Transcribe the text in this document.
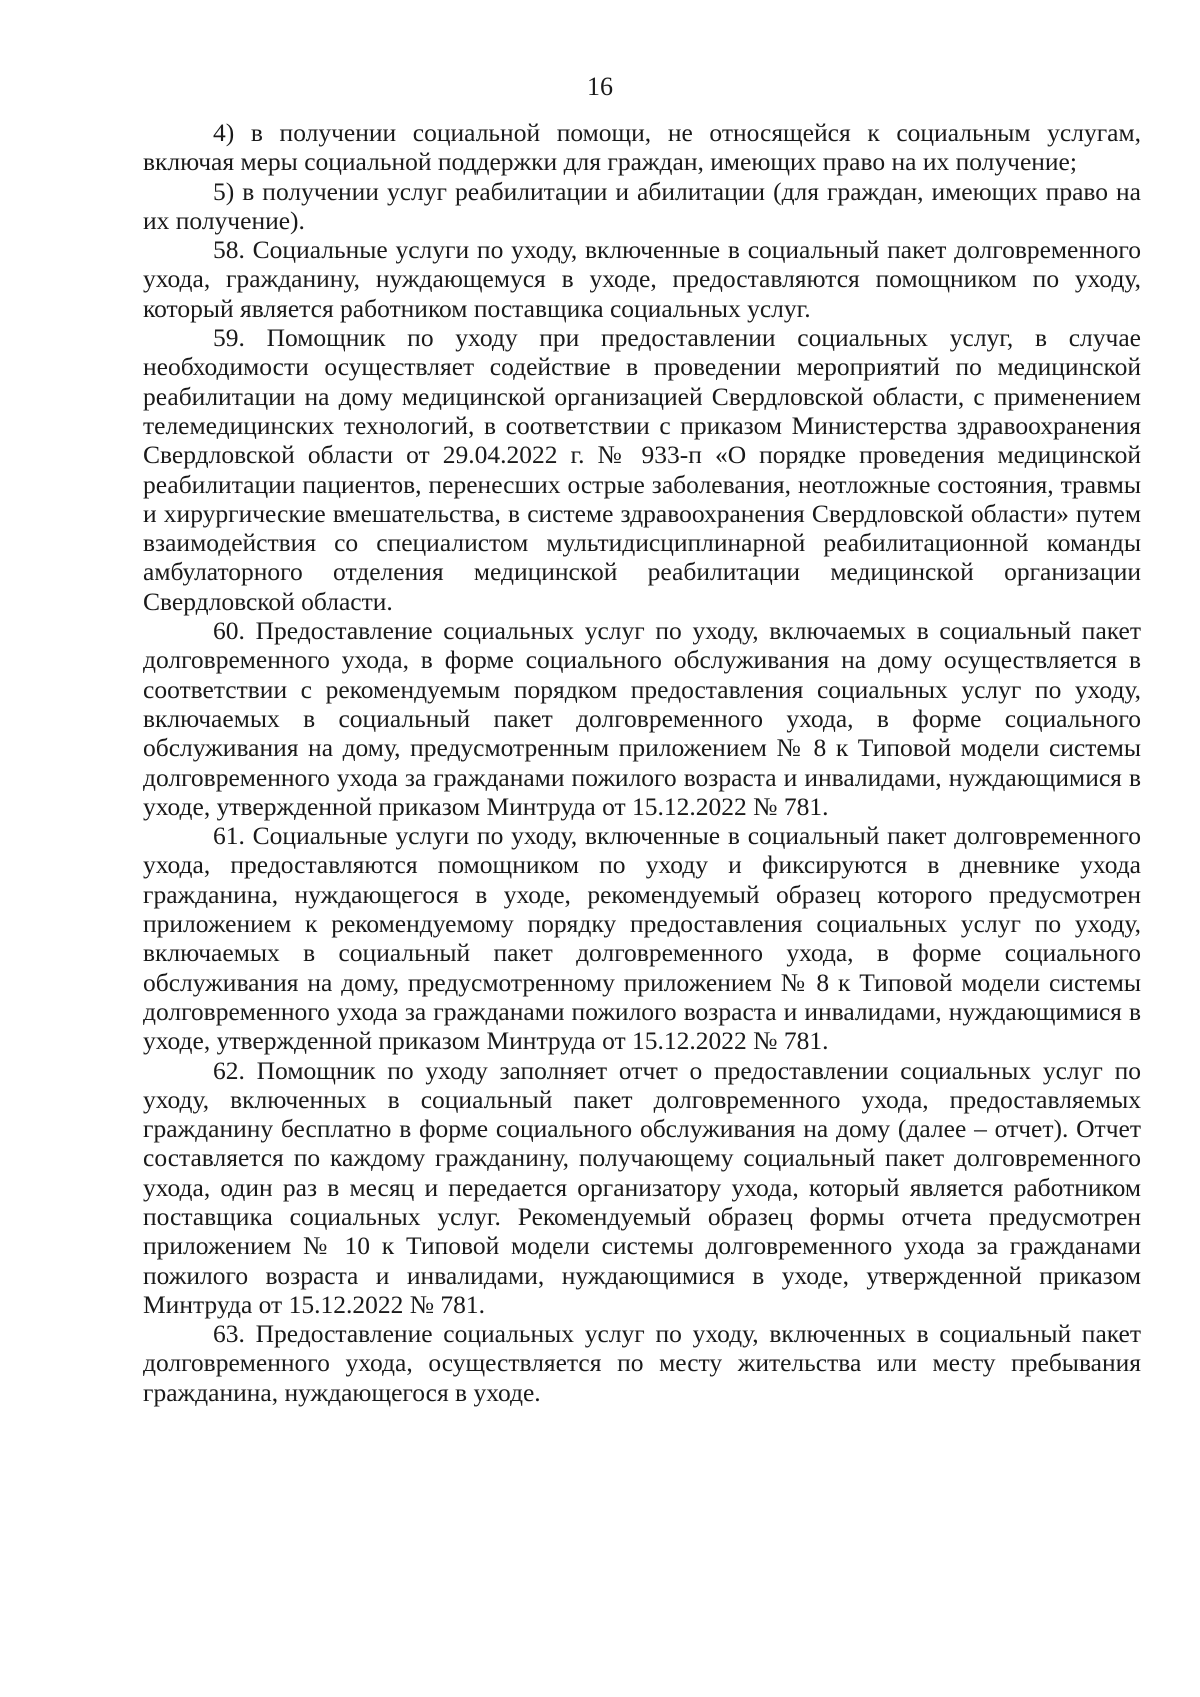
16

4) в получении социальной помощи, не относящейся к социальным услугам, включая меры социальной поддержки для граждан, имеющих право на их получение;

5) в получении услуг реабилитации и абилитации (для граждан, имеющих право на их получение).

58. Социальные услуги по уходу, включенные в социальный пакет долговременного ухода, гражданину, нуждающемуся в уходе, предоставляются помощником по уходу, который является работником поставщика социальных услуг.

59. Помощник по уходу при предоставлении социальных услуг, в случае необходимости осуществляет содействие в проведении мероприятий по медицинской реабилитации на дому медицинской организацией Свердловской области, с применением телемедицинских технологий, в соответствии с приказом Министерства здравоохранения Свердловской области от 29.04.2022 г. № 933-п «О порядке проведения медицинской реабилитации пациентов, перенесших острые заболевания, неотложные состояния, травмы и хирургические вмешательства, в системе здравоохранения Свердловской области» путем взаимодействия со специалистом мультидисциплинарной реабилитационной команды амбулаторного отделения медицинской реабилитации медицинской организации Свердловской области.

60. Предоставление социальных услуг по уходу, включаемых в социальный пакет долговременного ухода, в форме социального обслуживания на дому осуществляется в соответствии с рекомендуемым порядком предоставления социальных услуг по уходу, включаемых в социальный пакет долговременного ухода, в форме социального обслуживания на дому, предусмотренным приложением № 8 к Типовой модели системы долговременного ухода за гражданами пожилого возраста и инвалидами, нуждающимися в уходе, утвержденной приказом Минтруда от 15.12.2022 № 781.

61. Социальные услуги по уходу, включенные в социальный пакет долговременного ухода, предоставляются помощником по уходу и фиксируются в дневнике ухода гражданина, нуждающегося в уходе, рекомендуемый образец которого предусмотрен приложением к рекомендуемому порядку предоставления социальных услуг по уходу, включаемых в социальный пакет долговременного ухода, в форме социального обслуживания на дому, предусмотренному приложением № 8 к Типовой модели системы долговременного ухода за гражданами пожилого возраста и инвалидами, нуждающимися в уходе, утвержденной приказом Минтруда от 15.12.2022 № 781.

62. Помощник по уходу заполняет отчет о предоставлении социальных услуг по уходу, включенных в социальный пакет долговременного ухода, предоставляемых гражданину бесплатно в форме социального обслуживания на дому (далее – отчет). Отчет составляется по каждому гражданину, получающему социальный пакет долговременного ухода, один раз в месяц и передается организатору ухода, который является работником поставщика социальных услуг. Рекомендуемый образец формы отчета предусмотрен приложением № 10 к Типовой модели системы долговременного ухода за гражданами пожилого возраста и инвалидами, нуждающимися в уходе, утвержденной приказом Минтруда от 15.12.2022 № 781.

63. Предоставление социальных услуг по уходу, включенных в социальный пакет долговременного ухода, осуществляется по месту жительства или месту пребывания гражданина, нуждающегося в уходе.
